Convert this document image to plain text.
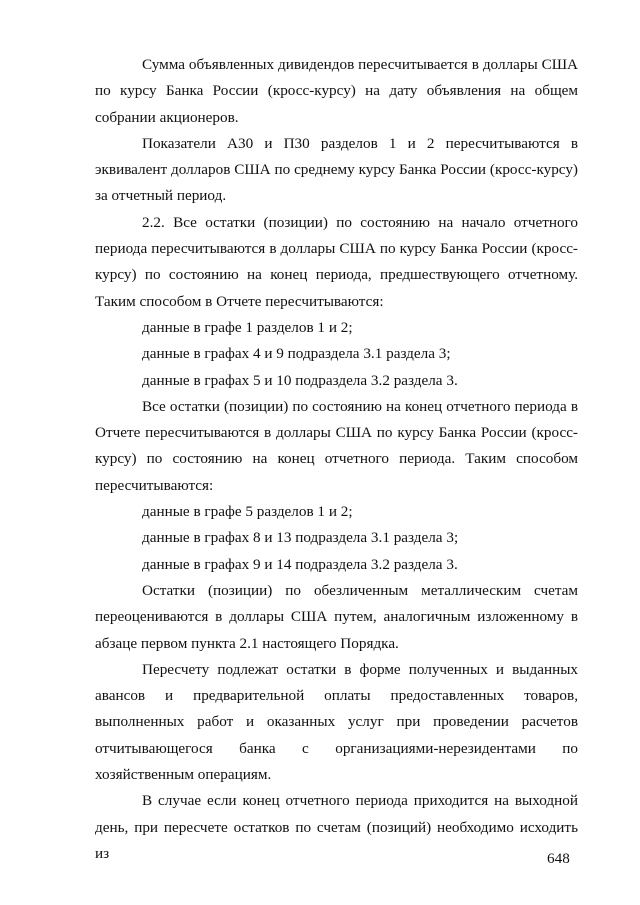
Сумма объявленных дивидендов пересчитывается в доллары США по курсу Банка России (кросс-курсу) на дату объявления на общем собрании акционеров.

Показатели А30 и П30 разделов 1 и 2 пересчитываются в эквивалент долларов США по среднему курсу Банка России (кросс-курсу) за отчетный период.

2.2. Все остатки (позиции) по состоянию на начало отчетного периода пересчитываются в доллары США по курсу Банка России (кросс-курсу) по состоянию на конец периода, предшествующего отчетному. Таким способом в Отчете пересчитываются:

данные в графе 1 разделов 1 и 2;

данные в графах 4 и 9 подраздела 3.1 раздела 3;

данные в графах 5 и 10 подраздела 3.2 раздела 3.

Все остатки (позиции) по состоянию на конец отчетного периода в Отчете пересчитываются в доллары США по курсу Банка России (кросс-курсу) по состоянию на конец отчетного периода. Таким способом пересчитываются:

данные в графе 5 разделов 1 и 2;

данные в графах 8 и 13 подраздела 3.1 раздела 3;

данные в графах 9 и 14 подраздела 3.2 раздела 3.

Остатки (позиции) по обезличенным металлическим счетам переоцениваются в доллары США путем, аналогичным изложенному в абзаце первом пункта 2.1 настоящего Порядка.

Пересчету подлежат остатки в форме полученных и выданных авансов и предварительной оплаты предоставленных товаров, выполненных работ и оказанных услуг при проведении расчетов отчитывающегося банка с организациями-нерезидентами по хозяйственным операциям.

В случае если конец отчетного периода приходится на выходной день, при пересчете остатков по счетам (позиций) необходимо исходить из	648
